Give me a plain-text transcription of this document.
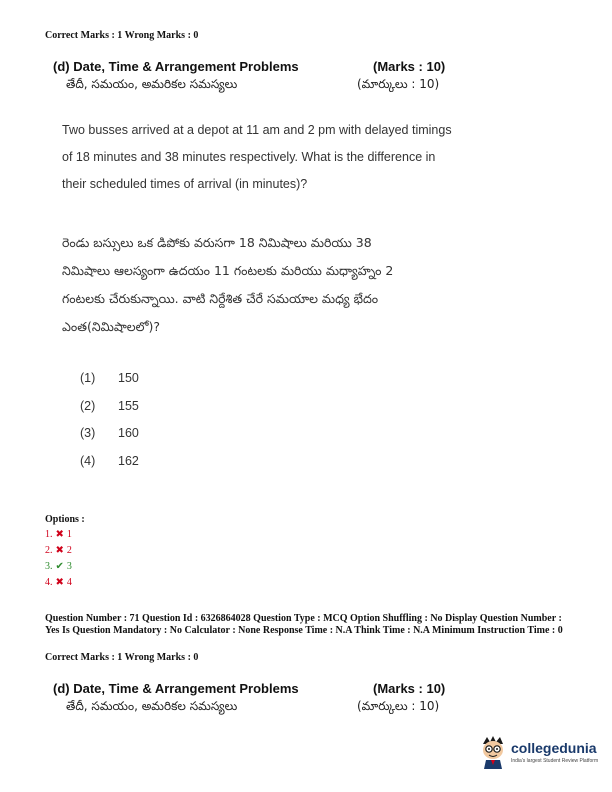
Correct Marks : 1 Wrong Marks : 0
(d) Date, Time & Arrangement Problems	(Marks : 10)
తేదీ, సమయం, అమరికల సమస్యలు	(మార్కులు : 10)
Two busses arrived at a depot at 11 am and 2 pm with delayed timings
of 18 minutes and 38 minutes respectively. What is the difference in
their scheduled times of arrival (in minutes)?
రెండు బస్సులు ఒక డిపోకు వరుసగా 18 నిమిషాలు మరియు 38
నిమిషాలు ఆలస్యంగా ఉదయం 11 గంటలకు మరియు మధ్యాహ్నం 2
గంటలకు చేరుకున్నాయి. వాటి నిర్దేశిత చేరే సమయాల మధ్య భేదం
ఎంత(నిమిషాలలో)?
(1)	150
(2)	155
(3)	160
(4)	162
Options :
1. ✖ 1
2. ✖ 2
3. ✔ 3
4. ✖ 4
Question Number : 71 Question Id : 6326864028 Question Type : MCQ Option Shuffling : No Display Question Number : Yes Is Question Mandatory : No Calculator : None Response Time : N.A Think Time : N.A Minimum Instruction Time : 0
Correct Marks : 1 Wrong Marks : 0
(d) Date, Time & Arrangement Problems	(Marks : 10)
తేదీ, సమయం, అమరికల సమస్యలు	(మార్కులు : 10)
collegedunia
India's largest Student Review Platform
